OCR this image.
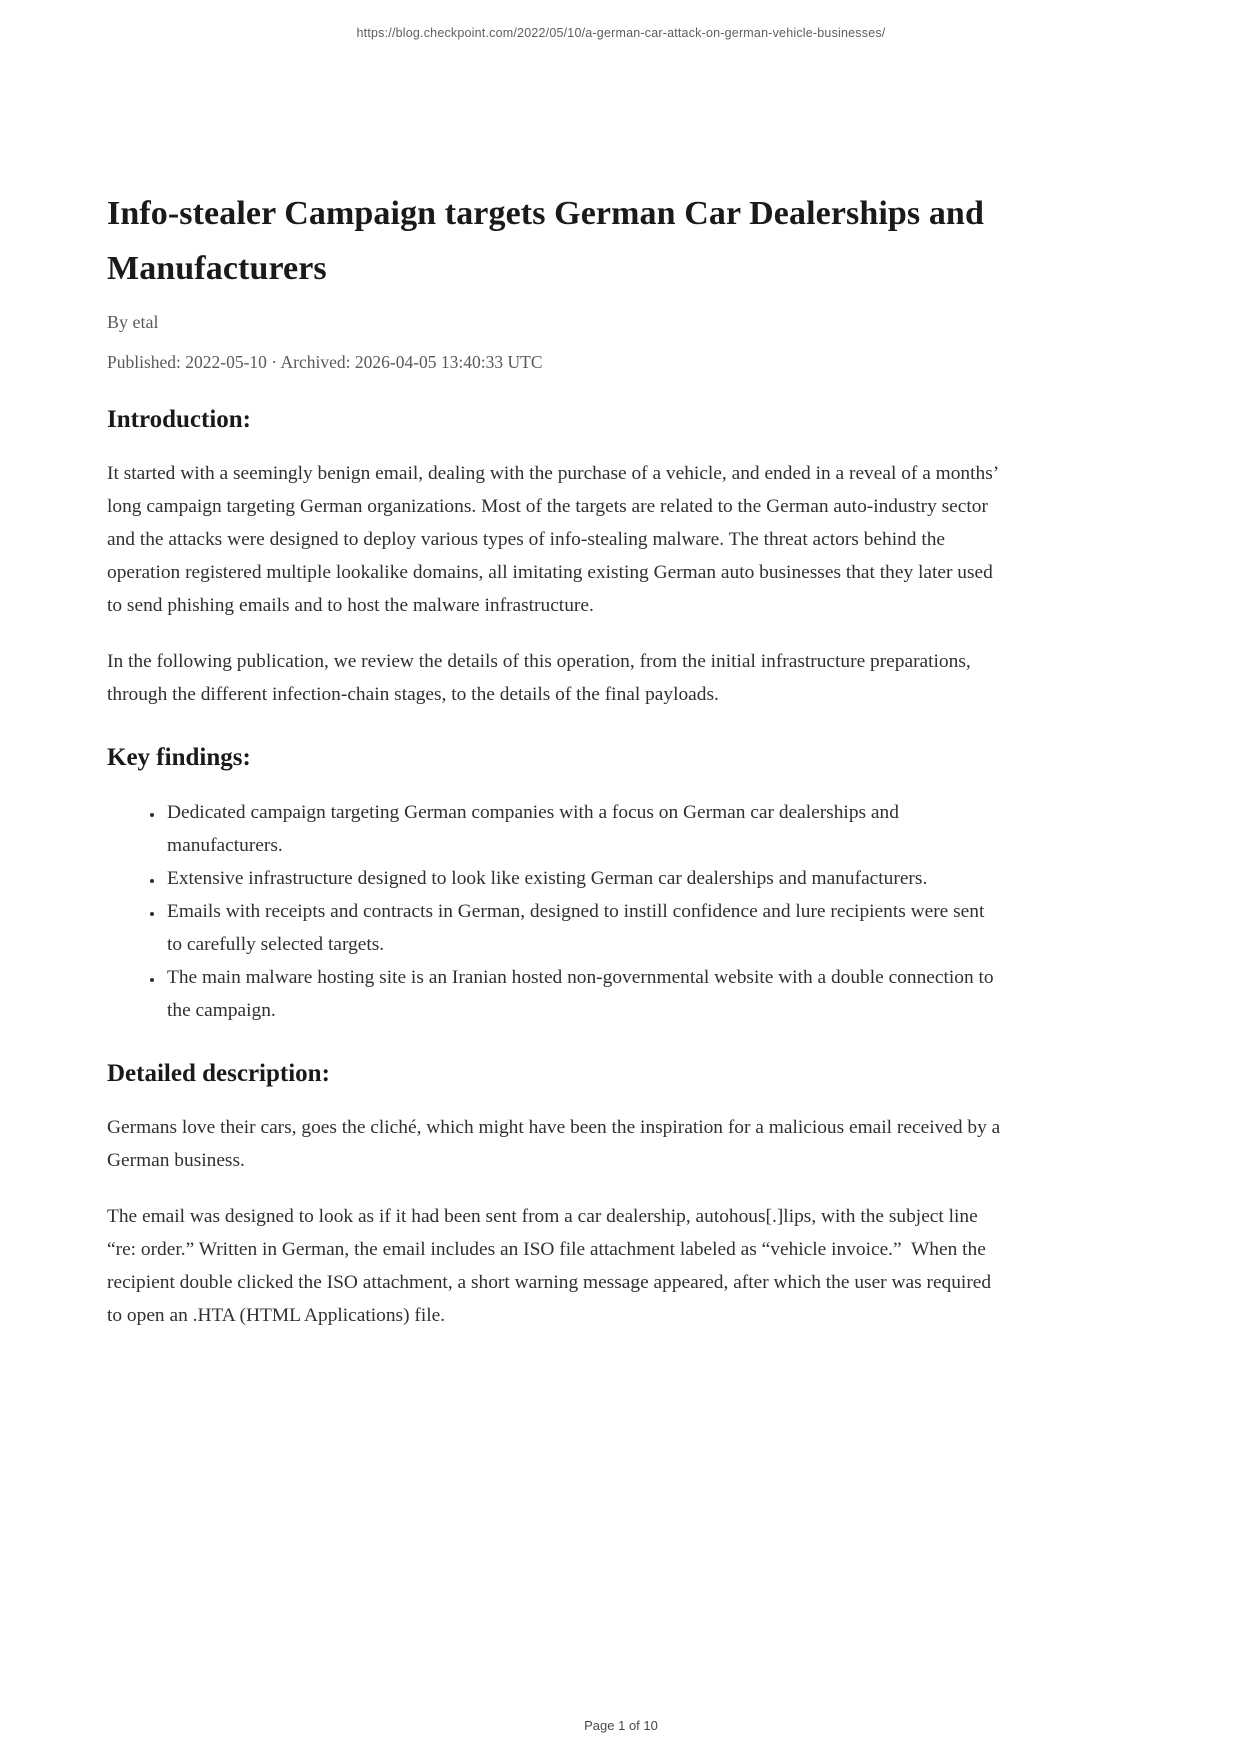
https://blog.checkpoint.com/2022/05/10/a-german-car-attack-on-german-vehicle-businesses/
Info-stealer Campaign targets German Car Dealerships and Manufacturers

By etal

Published: 2022-05-10 · Archived: 2026-04-05 13:40:33 UTC

Introduction:

It started with a seemingly benign email, dealing with the purchase of a vehicle, and ended in a reveal of a months’ long campaign targeting German organizations. Most of the targets are related to the German auto-industry sector and the attacks were designed to deploy various types of info-stealing malware. The threat actors behind the operation registered multiple lookalike domains, all imitating existing German auto businesses that they later used to send phishing emails and to host the malware infrastructure.

In the following publication, we review the details of this operation, from the initial infrastructure preparations, through the different infection-chain stages, to the details of the final payloads.

Key findings:
• Dedicated campaign targeting German companies with a focus on German car dealerships and manufacturers.
• Extensive infrastructure designed to look like existing German car dealerships and manufacturers.
• Emails with receipts and contracts in German, designed to instill confidence and lure recipients were sent to carefully selected targets.
• The main malware hosting site is an Iranian hosted non-governmental website with a double connection to the campaign.
Detailed description:

Germans love their cars, goes the cliché, which might have been the inspiration for a malicious email received by a German business.

The email was designed to look as if it had been sent from a car dealership, autohous[.]lips, with the subject line “re: order.” Written in German, the email includes an ISO file attachment labeled as “vehicle invoice.”  When the recipient double clicked the ISO attachment, a short warning message appeared, after which the user was required to open an .HTA (HTML Applications) file.

Page 1 of 10
